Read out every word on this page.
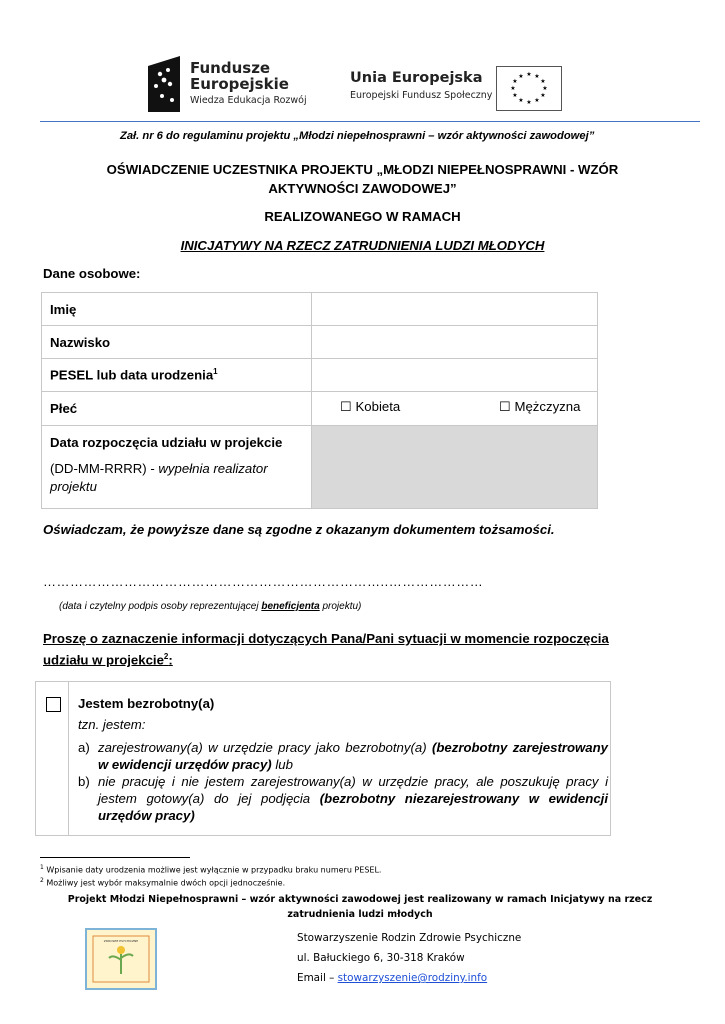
Fundusze
Europejskie
Wiedza Edukacja Rozwój
Unia Europejska
Europejski Fundusz Społeczny
★ ★
★
★
★
★
★
★
★
★
★
★
Zał. nr 6 do regulaminu projektu „Młodzi niepełnosprawni – wzór aktywności zawodowej”
OŚWIADCZENIE UCZESTNIKA PROJEKTU „MŁODZI NIEPEŁNOSPRAWNI - WZÓR
AKTYWNOŚCI ZAWODOWEJ”
REALIZOWANEGO W RAMACH
INICJATYWY NA RZECZ ZATRUDNIENIA LUDZI MŁODYCH
Dane osobowe:
Imię	
Nazwisko	
PESEL lub data urodzenia$^1$	
Płeć	☐ Kobieta ☐ Mężczyzna

Data rozpoczęcia udziału w projekcie
(DD-MM-RRRR) - wypełnia realizator projektu	

Oświadczam, że powyższe dane są zgodne z okazanym dokumentem tożsamości.
…………………………………………………………………..…………………
(data i czytelny podpis osoby reprezentującej beneficjenta projektu)
Proszę o zaznaczenie informacji dotyczących Pana/Pani sytuacji w momencie rozpoczęcia udziału w projekcie$^2$:
Jestem bezrobotny(a)
tzn. jestem:
a) zarejestrowany(a) w urzędzie pracy jako bezrobotny(a) (bezrobotny zarejestrowany w ewidencji urzędów pracy) lub
b) nie pracuję i nie jestem zarejestrowany(a) w urzędzie pracy, ale poszukuję pracy i jestem gotowy(a) do jej podjęcia (bezrobotny niezarejestrowany w ewidencji urzędów pracy)
$^1$ Wpisanie daty urodzenia możliwe jest wyłącznie w przypadku braku numeru PESEL.
$^2$ Możliwy jest wybór maksymalnie dwóch opcji jednocześnie.
Projekt Młodzi Niepełnosprawni – wzór aktywności zawodowej jest realizowany w ramach Inicjatywy na rzecz
zatrudnienia ludzi młodych
ZDROWIE PSYCHICZNE	Stowarzyszenie Rodzin Zdrowie Psychiczne
ul. Bałuckiego 6, 30-318 Kraków
Email – stowarzyszenie@rodziny.info
